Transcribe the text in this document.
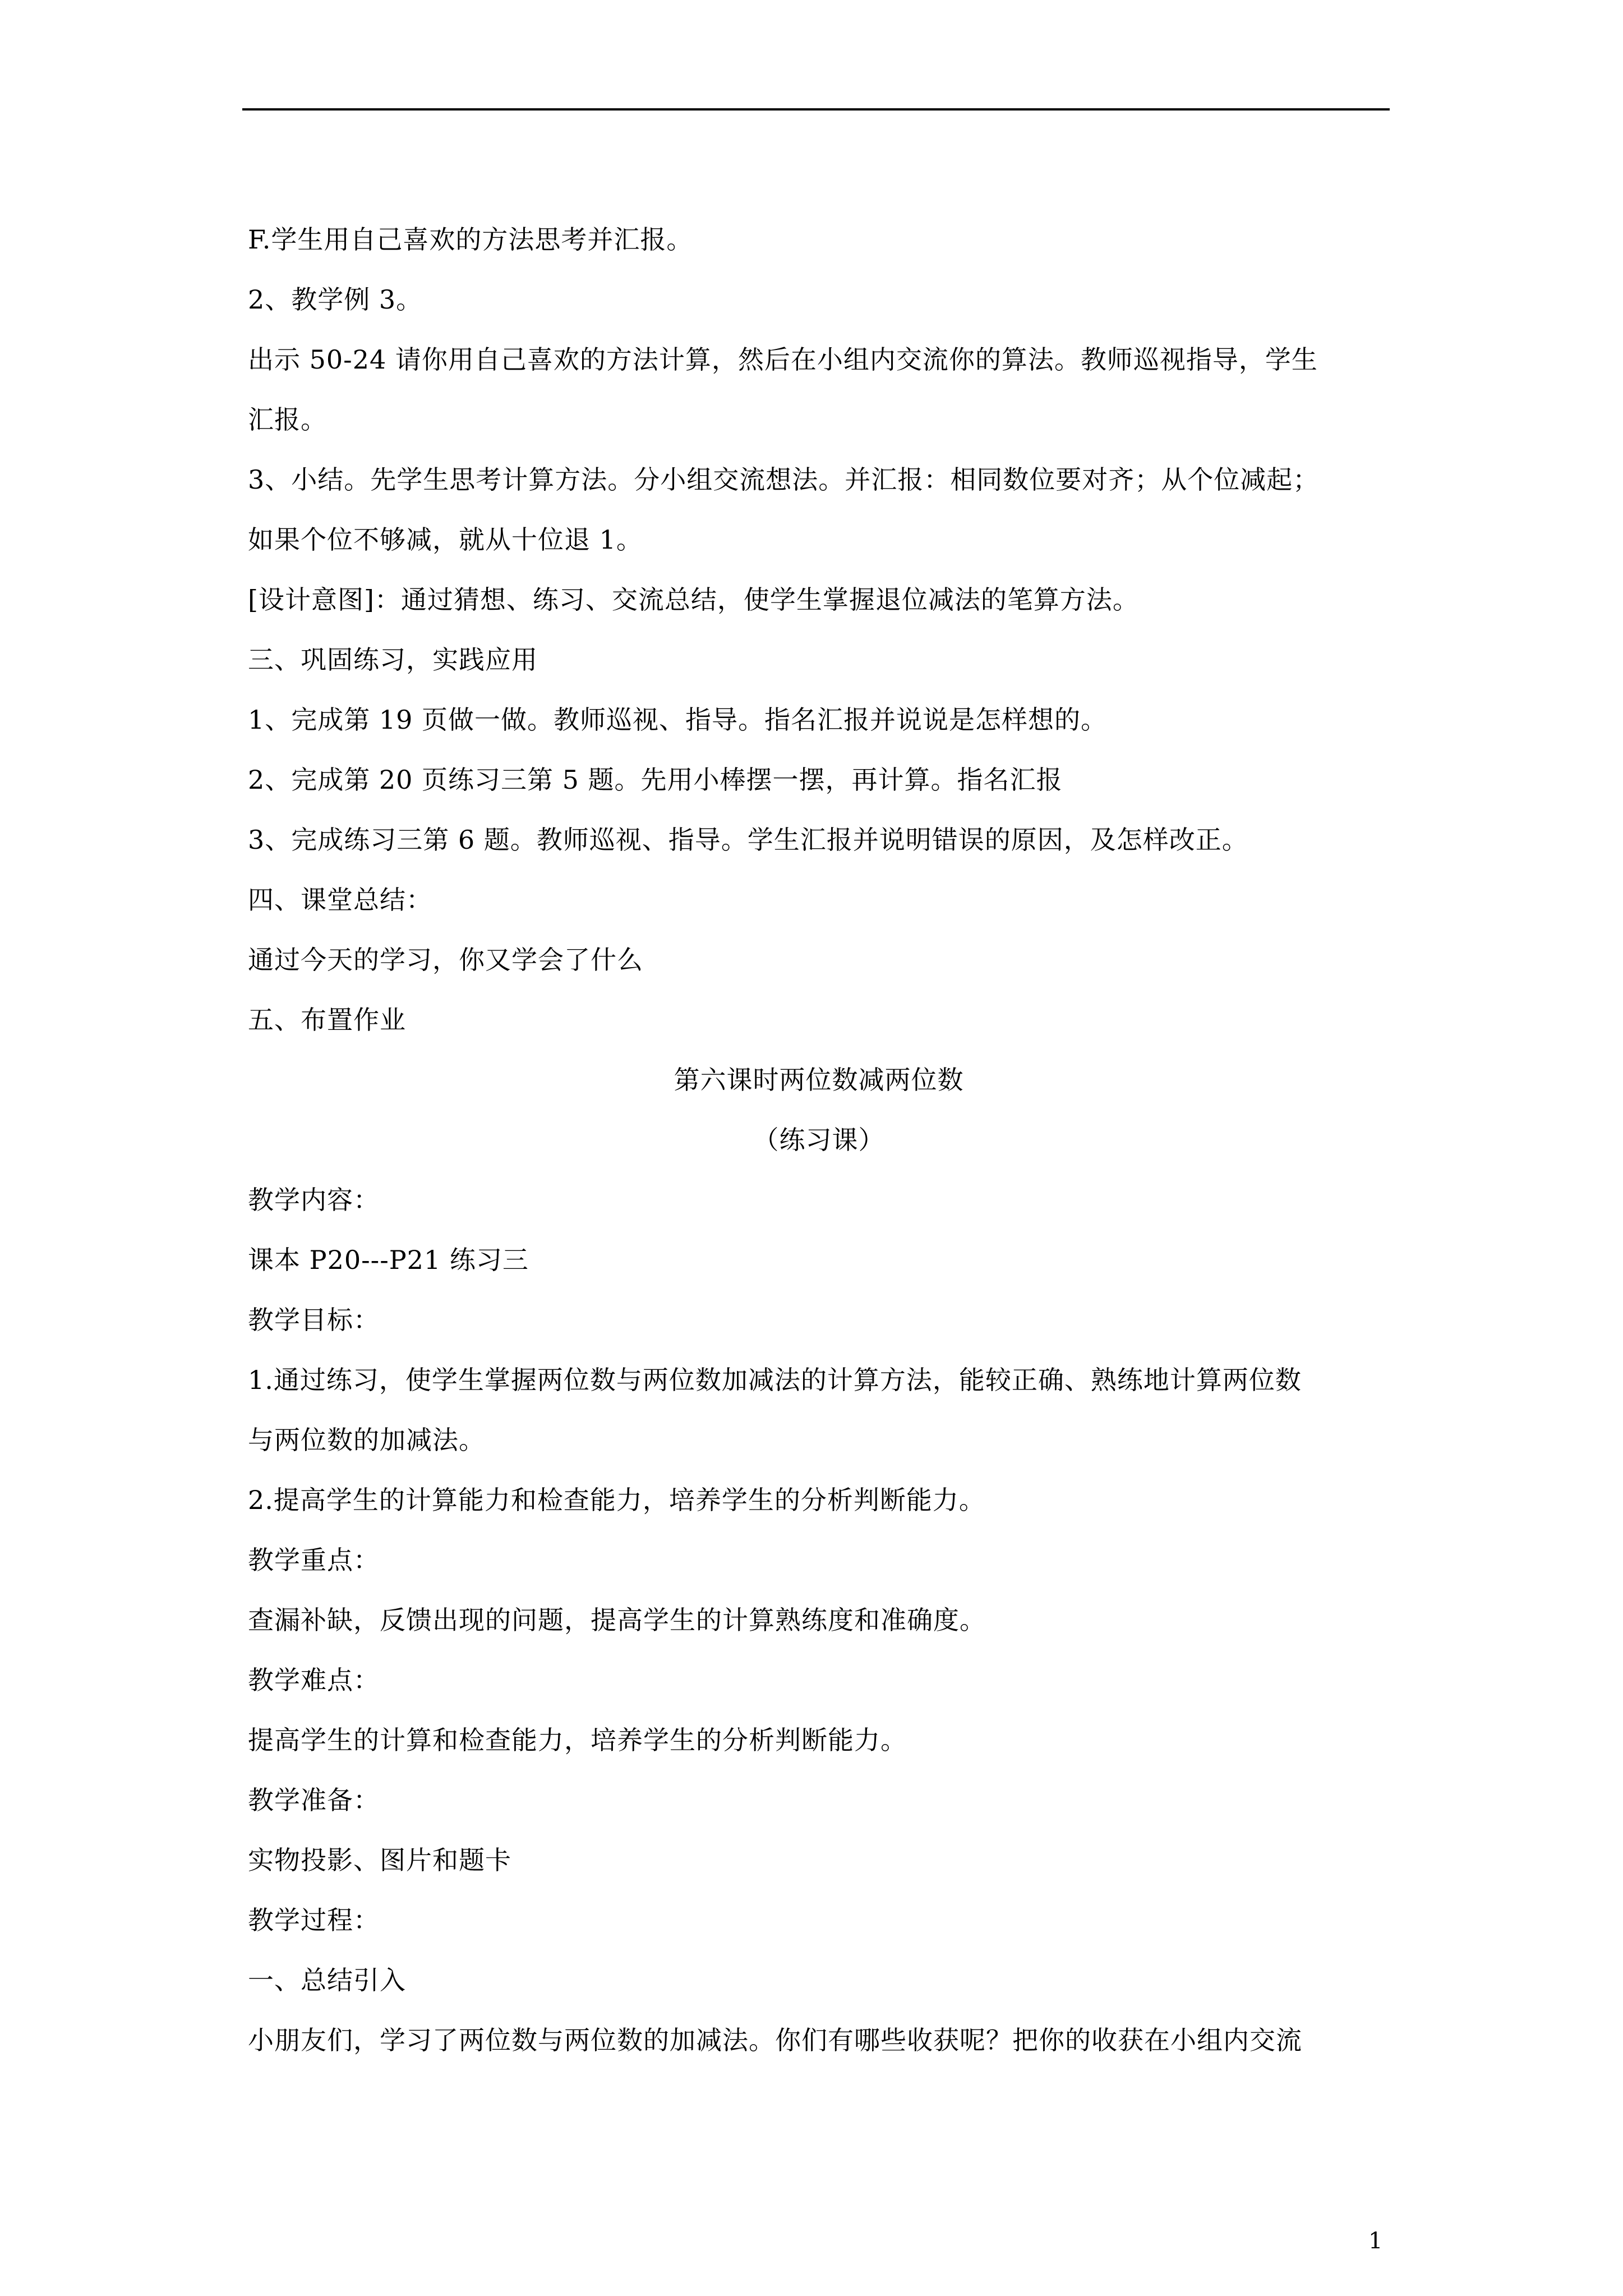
F.学生用自己喜欢的方法思考并汇报。
2、教学例 3。
出示 50-24 请你用自己喜欢的方法计算，然后在小组内交流你的算法。教师巡视指导，学生
汇报。
3、小结。先学生思考计算方法。分小组交流想法。并汇报：相同数位要对齐；从个位减起；
如果个位不够减，就从十位退 1。
[设计意图]：通过猜想、练习、交流总结，使学生掌握退位减法的笔算方法。
三、巩固练习，实践应用
1、完成第 19 页做一做。教师巡视、指导。指名汇报并说说是怎样想的。
2、完成第 20 页练习三第 5 题。先用小棒摆一摆，再计算。指名汇报
3、完成练习三第 6 题。教师巡视、指导。学生汇报并说明错误的原因，及怎样改正。
四、课堂总结：
通过今天的学习，你又学会了什么
五、布置作业
第六课时两位数减两位数
（练习课）
教学内容：
课本 P20---P21 练习三
教学目标：
1.通过练习，使学生掌握两位数与两位数加减法的计算方法，能较正确、熟练地计算两位数
与两位数的加减法。
2.提高学生的计算能力和检查能力，培养学生的分析判断能力。
教学重点：
查漏补缺，反馈出现的问题，提高学生的计算熟练度和准确度。
教学难点：
提高学生的计算和检查能力，培养学生的分析判断能力。
教学准备：
实物投影、图片和题卡
教学过程：
一、总结引入
小朋友们，学习了两位数与两位数的加减法。你们有哪些收获呢？把你的收获在小组内交流
1
